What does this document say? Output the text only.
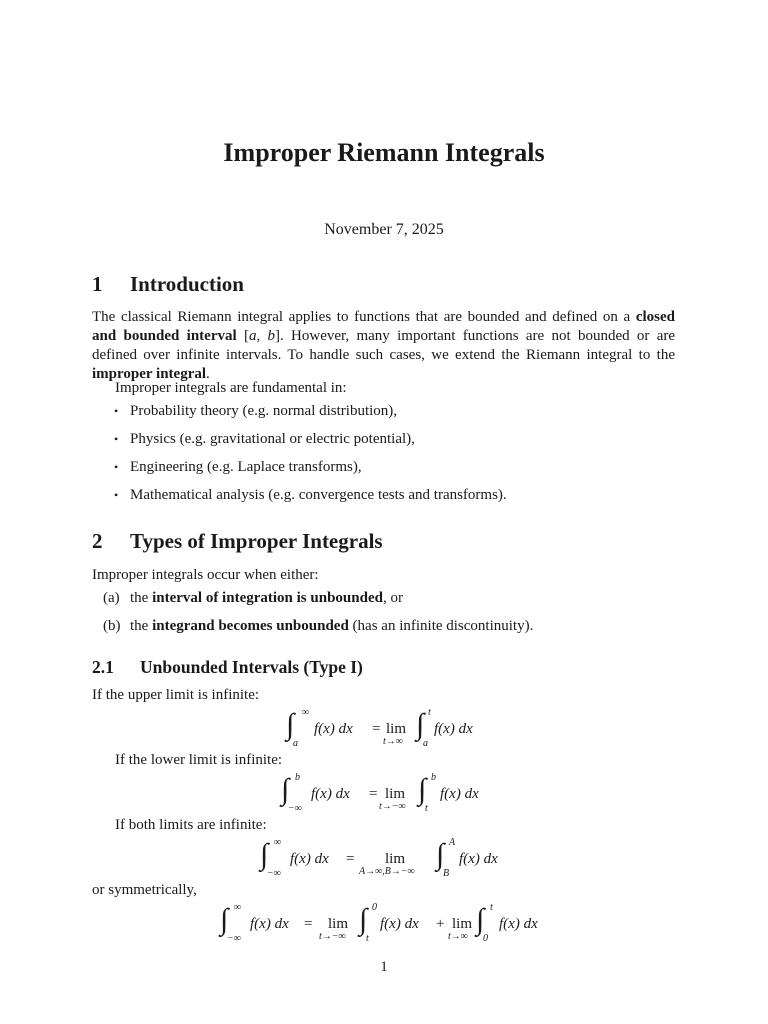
Improper Riemann Integrals
November 7, 2025
1 Introduction

The classical Riemann integral applies to functions that are bounded and defined on a closed and bounded interval [a, b]. However, many important functions are not bounded or are defined over infinite intervals. To handle such cases, we extend the Riemann integral to the improper integral.

Improper integrals are fundamental in:

• Probability theory (e.g. normal distribution),
• Physics (e.g. gravitational or electric potential),
• Engineering (e.g. Laplace transforms),
• Mathematical analysis (e.g. convergence tests and transforms).
2 Types of Improper Integrals

Improper integrals occur when either:

(a) the interval of integration is unbounded, or
(b) the integrand becomes unbounded (has an infinite discontinuity).
2.1 Unbounded Intervals (Type I)

If the upper limit is infinite:

∫ ∞
a
f(x) dx = lim
t→∞
∫ t
a
f(x) dx

If the lower limit is infinite:

∫ b
−∞
f(x) dx = lim
t→−∞
∫ b
t
f(x) dx

If both limits are infinite:

∫ ∞
−∞
f(x) dx = lim
A→∞,B→−∞
∫ A
B
f(x) dx

or symmetrically,

∫ ∞
−∞
f(x) dx = lim
t→−∞
∫ 0
t
f(x) dx + lim
t→∞
∫ t
0
f(x) dx
1
